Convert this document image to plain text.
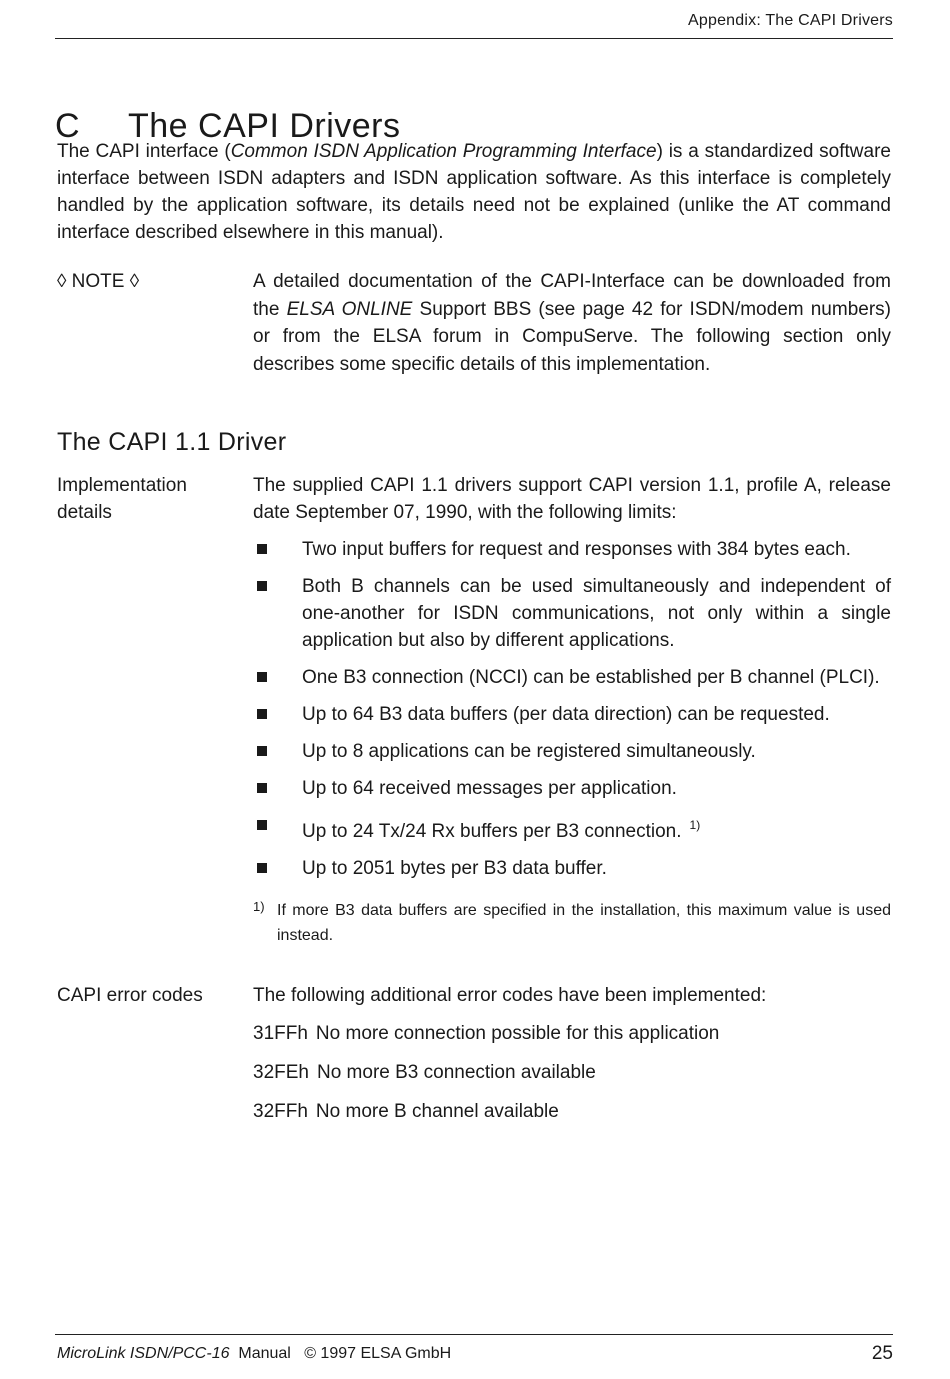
Appendix: The CAPI Drivers
C	The CAPI Drivers

The CAPI interface (Common ISDN Application Programming Interface) is a standardized software interface between ISDN adapters and ISDN application software. As this interface is completely handled by the application software, its details need not be explained (unlike the AT command interface described elsewhere in this manual).

◊ NOTE ◊	A detailed documentation of the CAPI-Interface can be downloaded from the ELSA ONLINE Support BBS (see page 42 for ISDN/modem numbers) or from the ELSA forum in CompuServe. The following section only describes some specific details of this implementation.

The CAPI 1.1 Driver
Implementation details

The supplied CAPI 1.1 drivers support CAPI version 1.1, profile A, release date September 07, 1990, with the following limits:

Two input buffers for request and responses with 384 bytes each.
Both B channels can be used simultaneously and independent of one-another for ISDN communications, not only within a single application but also by different applications.
One B3 connection (NCCI) can be established per B channel (PLCI).
Up to 64 B3 data buffers (per data direction) can be requested.
Up to 8 applications can be registered simultaneously.
Up to 64 received messages per application.
Up to 24 Tx/24 Rx buffers per B3 connection. $^{1)}$
Up to 2051 bytes per B3 data buffer.
1) If more B3 data buffers are specified in the installation, this maximum value is used instead.
CAPI error codes	The following additional error codes have been implemented:
31FFh No more connection possible for this application
32FEh No more B3 connection available
32FFh No more B channel available
MicroLink ISDN/PCC-16  Manual   © 1997 ELSA GmbH	25
